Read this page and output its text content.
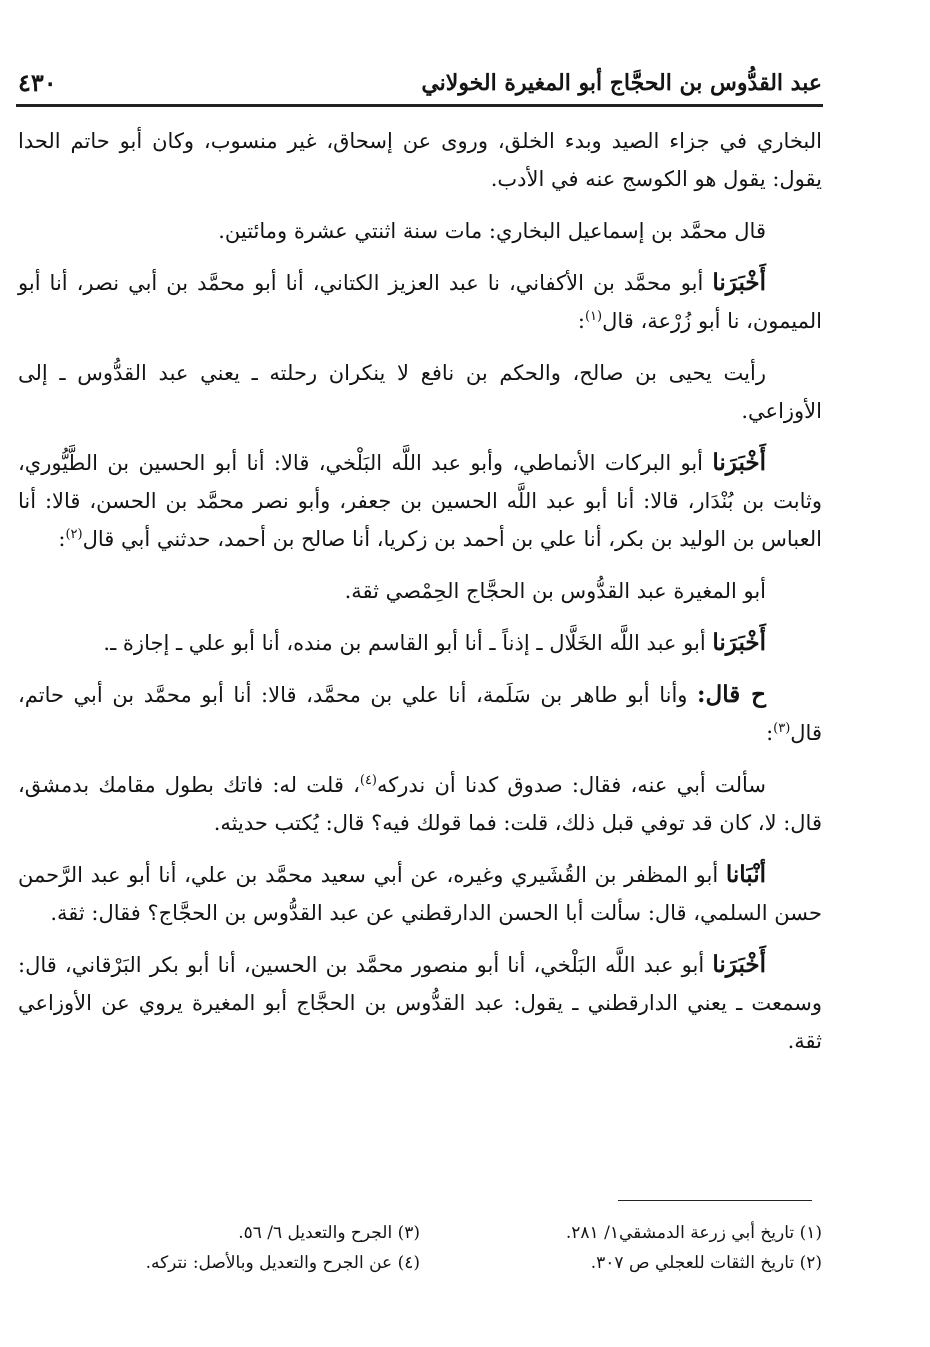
عبد القدُّوس بن الحجَّاج أبو المغيرة الخولاني
٤٣٠

البخاري في جزاء الصيد وبدء الخلق، وروى عن إسحاق، غير منسوب، وكان أبو حاتم الحدا يقول: يقول هو الكوسج عنه في الأدب.

قال محمَّد بن إسماعيل البخاري: مات سنة اثنتي عشرة ومائتين.

أَخْبَرَنا أبو محمَّد بن الأكفاني، نا عبد العزيز الكتاني، أنا أبو محمَّد بن أبي نصر، أنا أبو الميمون، نا أبو زُرْعة، قال$^{(١)}$:

رأيت يحيى بن صالح، والحكم بن نافع لا ينكران رحلته ـ يعني عبد القدُّوس ـ إلى الأوزاعي.

أَخْبَرَنا أبو البركات الأنماطي، وأبو عبد اللَّه البَلْخي، قالا: أنا أبو الحسين بن الطَّيُّوري، وثابت بن بُنْدَار، قالا: أنا أبو عبد اللَّه الحسين بن جعفر، وأبو نصر محمَّد بن الحسن، قالا: أنا العباس بن الوليد بن بكر، أنا علي بن أحمد بن زكريا، أنا صالح بن أحمد، حدثني أبي قال$^{(٢)}$:

أبو المغيرة عبد القدُّوس بن الحجَّاج الحِمْصي ثقة.

أَخْبَرَنا أبو عبد اللَّه الخَلَّال ـ إذناً ـ أنا أبو القاسم بن منده، أنا أبو علي ـ إجازة ـ.

ح قال: وأنا أبو طاهر بن سَلَمة، أنا علي بن محمَّد، قالا: أنا أبو محمَّد بن أبي حاتم، قال$^{(٣)}$:

سألت أبي عنه، فقال: صدوق كدنا أن ندركه$^{(٤)}$، قلت له: فاتك بطول مقامك بدمشق، قال: لا، كان قد توفي قبل ذلك، قلت: فما قولك فيه؟ قال: يُكتب حديثه.

أنْبَانا أبو المظفر بن القُشَيري وغيره، عن أبي سعيد محمَّد بن علي، أنا أبو عبد الرَّحمن حسن السلمي، قال: سألت أبا الحسن الدارقطني عن عبد القدُّوس بن الحجَّاج؟ فقال: ثقة.

أَخْبَرَنا أبو عبد اللَّه البَلْخي، أنا أبو منصور محمَّد بن الحسين، أنا أبو بكر البَرْقاني، قال: وسمعت ـ يعني الدارقطني ـ يقول: عبد القدُّوس بن الحجَّاج أبو المغيرة يروي عن الأوزاعي ثقة.

(١) تاريخ أبي زرعة الدمشقي١/ ٢٨١.
(٣) الجرح والتعديل ٦/ ٥٦.
(٢) تاريخ الثقات للعجلي ص ٣٠٧.
(٤) عن الجرح والتعديل وبالأصل: نتركه.
